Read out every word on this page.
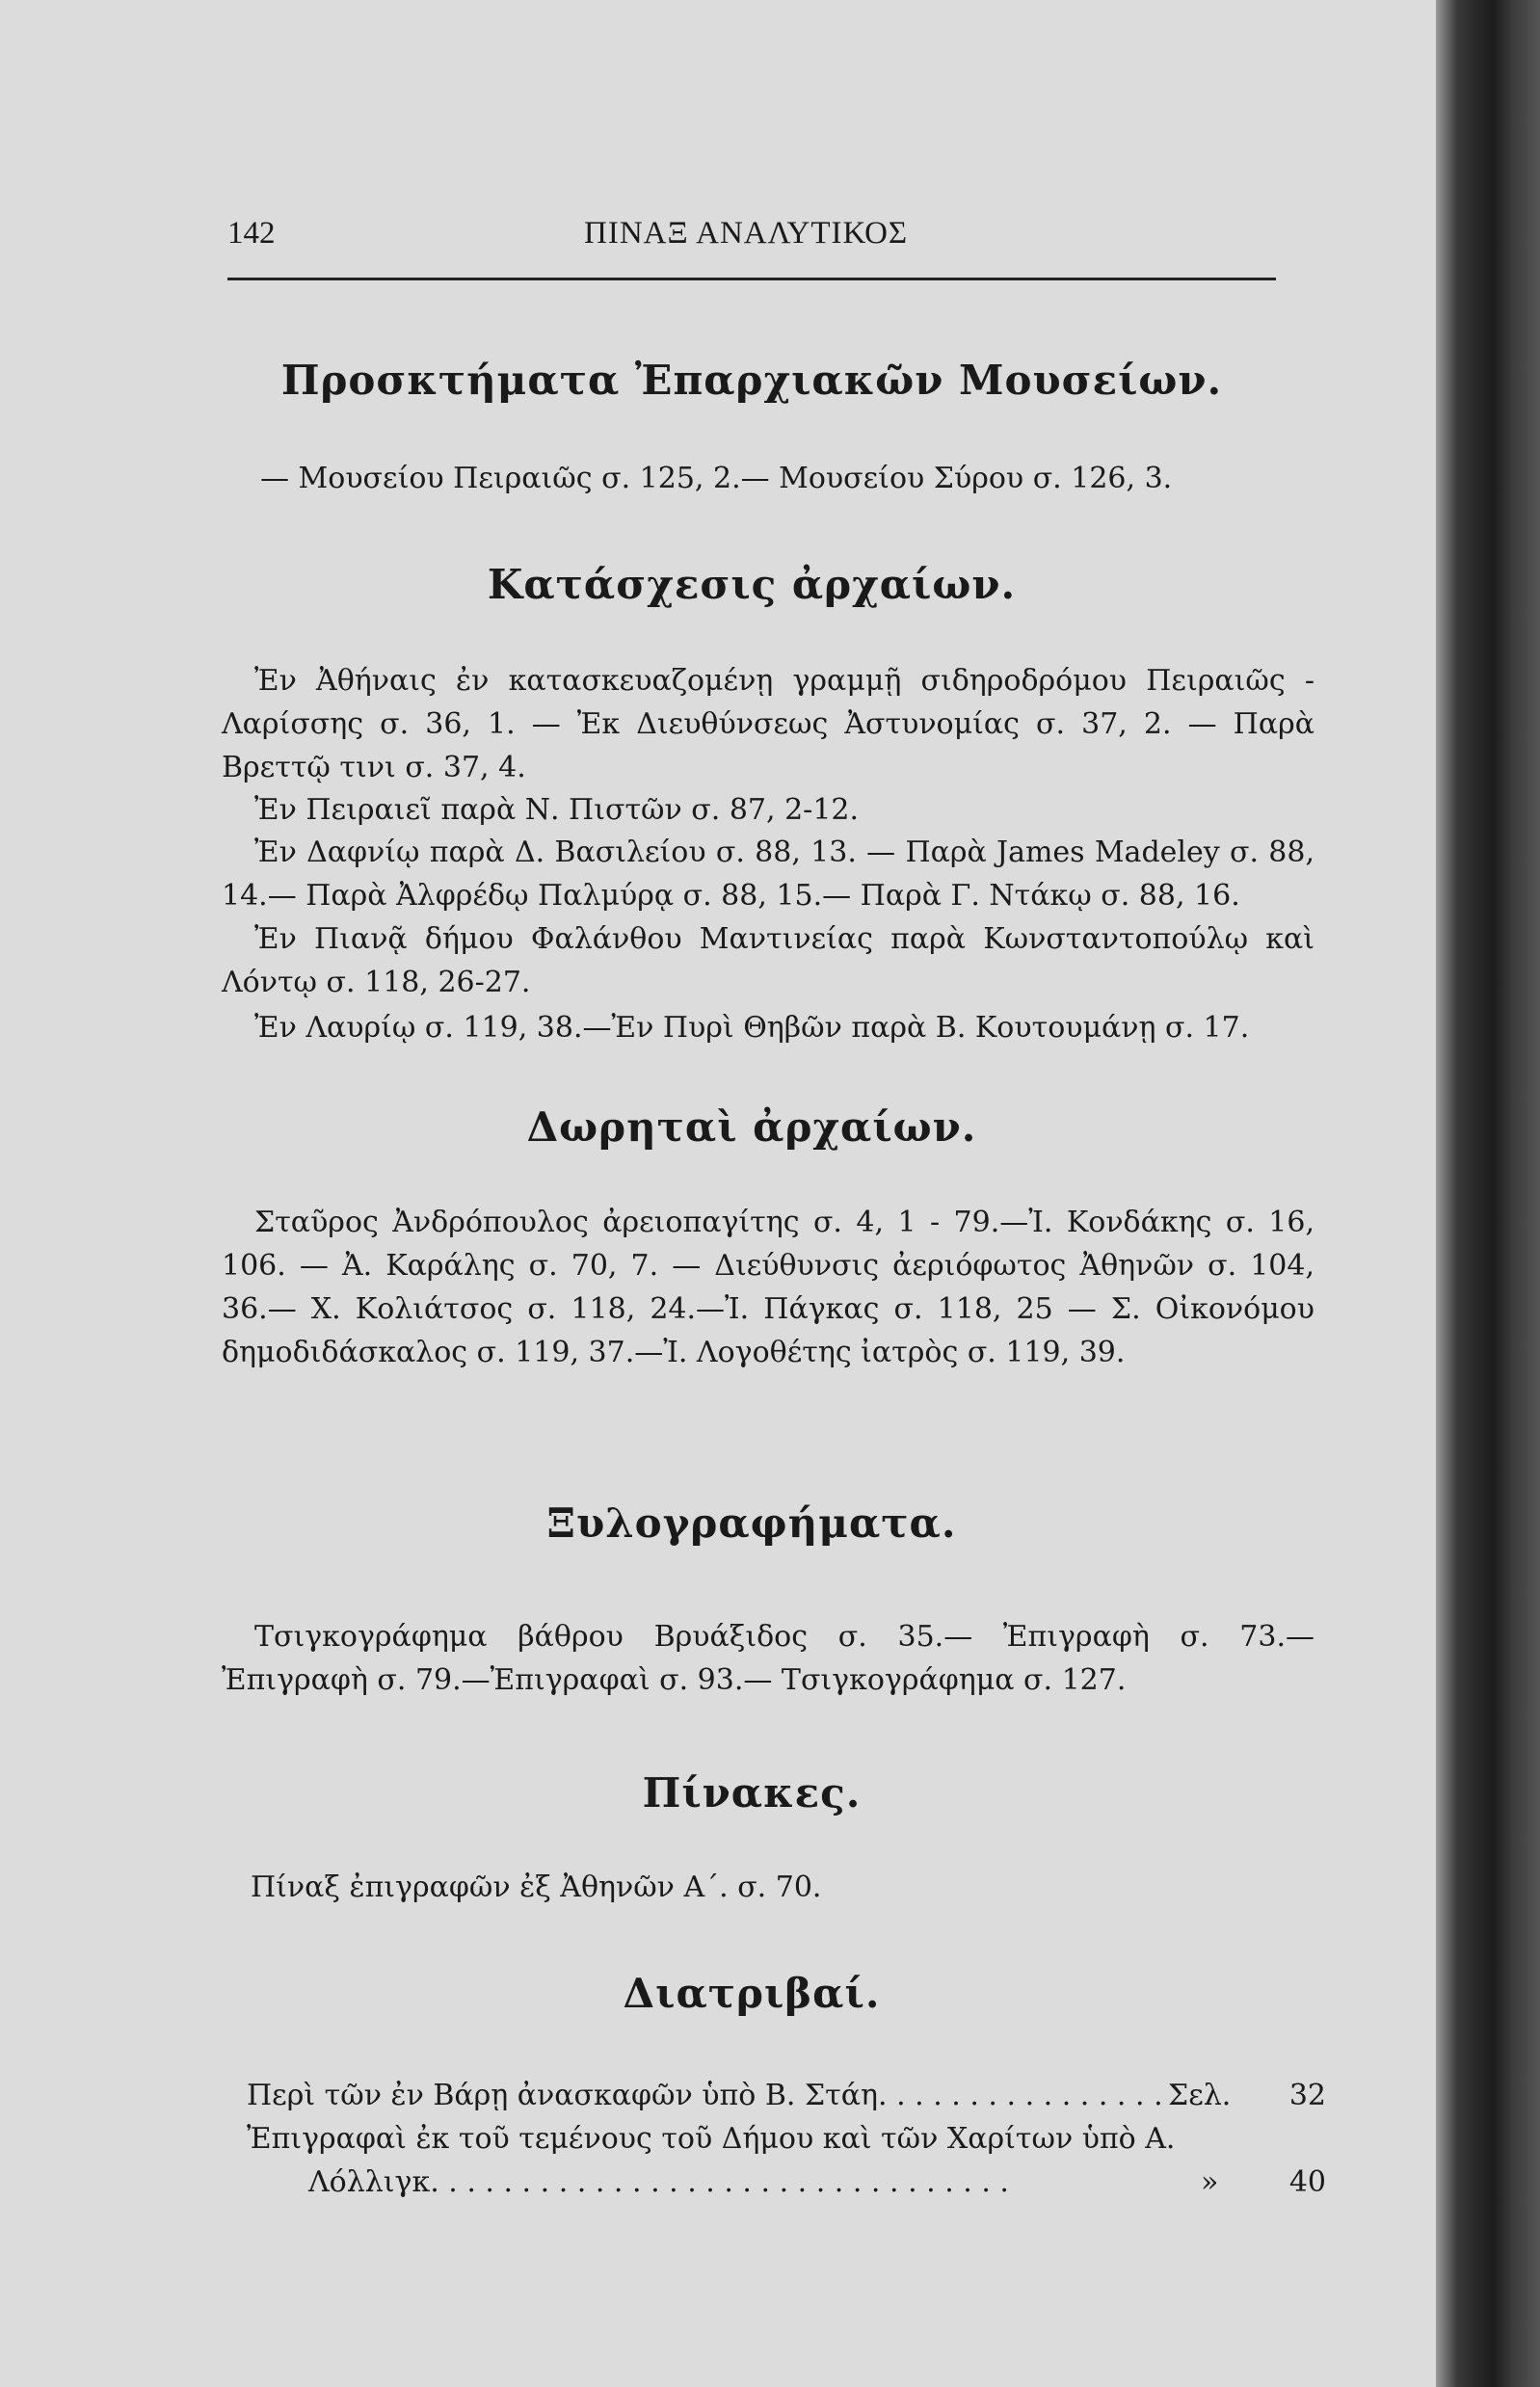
142	ΠΙΝΑΞ ΑΝΑΛΥΤΙΚΟΣ
Προσκτήματα Ἐπαρχιακῶν Μουσείων.
— Μουσείου Πειραιῶς σ. 125, 2.— Μουσείου Σύρου σ. 126, 3.
Κατάσχεσις ἀρχαίων.
Ἐν Ἀθήναις ἐν κατασκευαζομένῃ γραμμῇ σιδηροδρόμου Πειραιῶς - Λαρίσσης σ. 36, 1. — Ἐκ Διευθύνσεως Ἀστυνομίας σ. 37, 2. — Παρὰ Βρεττῷ τινι σ. 37, 4.
Ἐν Πειραιεῖ παρὰ Ν. Πιστῶν σ. 87, 2-12.
Ἐν Δαφνίῳ παρὰ Δ. Βασιλείου σ. 88, 13. — Παρὰ James Madeley σ. 88, 14.— Παρὰ Ἀλφρέδῳ Παλμύρᾳ σ. 88, 15.— Παρὰ Γ. Ντάκῳ σ. 88, 16.
Ἐν Πιανᾷ δήμου Φαλάνθου Μαντινείας παρὰ Κωνσταντοπούλῳ καὶ Λόντῳ σ. 118, 26-27.
Ἐν Λαυρίῳ σ. 119, 38.—Ἐν Πυρὶ Θηβῶν παρὰ Β. Κουτουμάνῃ σ. 17.
Δωρηταὶ ἀρχαίων.
Σταῦρος Ἀνδρόπουλος ἀρειοπαγίτης σ. 4, 1 - 79.—Ἰ. Κονδάκης σ. 16, 106. — Ἀ. Καράλης σ. 70, 7. — Διεύθυνσις ἀεριόφωτος Ἀθηνῶν σ. 104, 36.— Χ. Κολιάτσος σ. 118, 24.—Ἰ. Πάγκας σ. 118, 25 — Σ. Οἰκονόμου δημοδιδάσκαλος σ. 119, 37.—Ἰ. Λογοθέτης ἰατρὸς σ. 119, 39.
Ξυλογραφήματα.
Τσιγκογράφημα βάθρου Βρυάξιδος σ. 35.— Ἐπιγραφὴ σ. 73.— Ἐπιγραφὴ σ. 79.—Ἐπιγραφαὶ σ. 93.— Τσιγκογράφημα σ. 127.
Πίνακες.
Πίναξ ἐπιγραφῶν ἐξ Ἀθηνῶν Α΄. σ. 70.
Διατριβαί.
Περὶ τῶν ἐν Βάρῃ ἀνασκαφῶν ὑπὸ Β. Στάη. . . . . . . . . . . . . . . . Σελ. 32
Ἐπιγραφαὶ ἐκ τοῦ τεμένους τοῦ Δήμου καὶ τῶν Χαρίτων ὑπὸ Α.
Λόλλιγκ. . . . . . . . . . . . . . . . . . . . . . . . . . . . . . . .	» 40
